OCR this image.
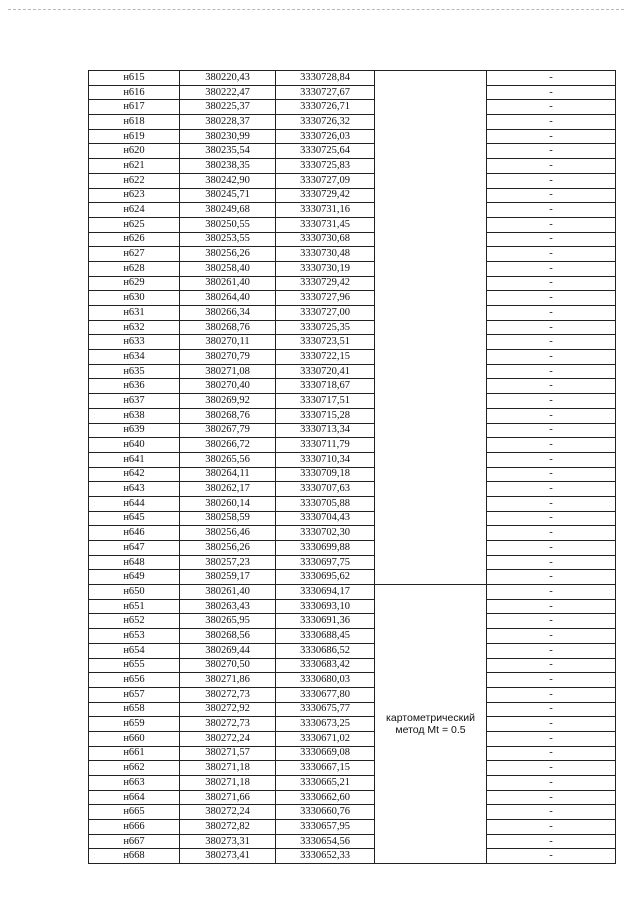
н615	380220,43	3330728,84		-
н616	380222,47	3330727,67		-
н617	380225,37	3330726,71		-
н618	380228,37	3330726,32		-
н619	380230,99	3330726,03		-
н620	380235,54	3330725,64		-
н621	380238,35	3330725,83		-
н622	380242,90	3330727,09		-
н623	380245,71	3330729,42		-
н624	380249,68	3330731,16		-
н625	380250,55	3330731,45		-
н626	380253,55	3330730,68		-
н627	380256,26	3330730,48		-
н628	380258,40	3330730,19		-
н629	380261,40	3330729,42		-
н630	380264,40	3330727,96		-
н631	380266,34	3330727,00		-
н632	380268,76	3330725,35		-
н633	380270,11	3330723,51		-
н634	380270,79	3330722,15		-
н635	380271,08	3330720,41		-
н636	380270,40	3330718,67		-
н637	380269,92	3330717,51		-
н638	380268,76	3330715,28		-
н639	380267,79	3330713,34		-
н640	380266,72	3330711,79		-
н641	380265,56	3330710,34		-
н642	380264,11	3330709,18		-
н643	380262,17	3330707,63		-
н644	380260,14	3330705,88		-
н645	380258,59	3330704,43		-
н646	380256,46	3330702,30		-
н647	380256,26	3330699,88		-
н648	380257,23	3330697,75		-
н649	380259,17	3330695,62		-
н650	380261,40	3330694,17	картометрический
метод Mt = 0.5	-
н651	380263,43	3330693,10		-
н652	380265,95	3330691,36		-
н653	380268,56	3330688,45		-
н654	380269,44	3330686,52		-
н655	380270,50	3330683,42		-
н656	380271,86	3330680,03		-
н657	380272,73	3330677,80		-
н658	380272,92	3330675,77		-
н659	380272,73	3330673,25		-
н660	380272,24	3330671,02		-
н661	380271,57	3330669,08		-
н662	380271,18	3330667,15		-
н663	380271,18	3330665,21		-
н664	380271,66	3330662,60		-
н665	380272,24	3330660,76		-
н666	380272,82	3330657,95		-
н667	380273,31	3330654,56		-
н668	380273,41	3330652,33		-
